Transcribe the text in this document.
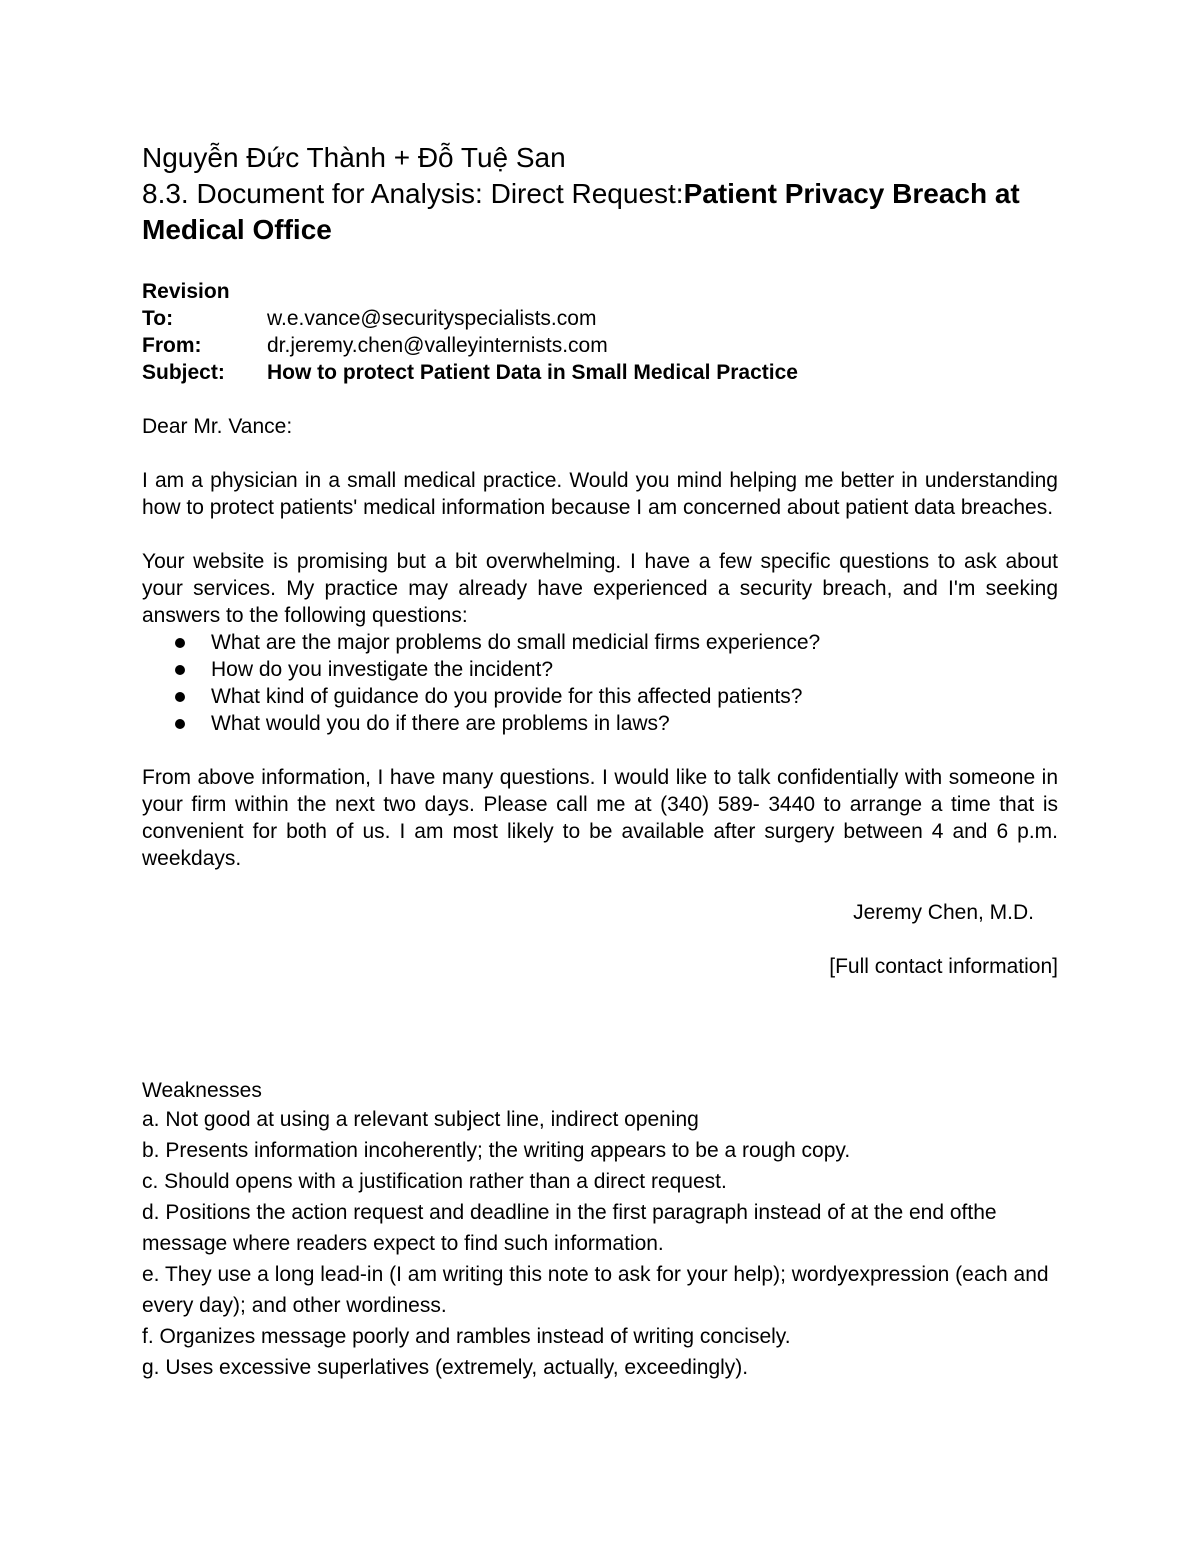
Nguyễn Đức Thành + Đỗ Tuệ San

8.3. Document for Analysis: Direct Request:Patient Privacy Breach at Medical Office

Revision
To:	w.e.vance@securityspecialists.com
From:	dr.jeremy.chen@valleyinternists.com
Subject:	How to protect Patient Data in Small Medical Practice
Dear Mr. Vance:
I am a physician in a small medical practice. Would you mind helping me better in understanding how to protect patients' medical information because I am concerned about patient data breaches.
Your website is promising but a bit overwhelming. I have a few specific questions to ask about your services. My practice may already have experienced a security breach, and I'm seeking answers to the following questions:
What are the major problems do small medicial firms experience?
How do you investigate the incident?
What kind of guidance do you provide for this affected patients?
What would you do if there are problems in laws?
From above information, I have many questions. I would like to talk confidentially with someone in your firm within the next two days. Please call me at (340) 589- 3440 to arrange a time that is convenient for both of us. I am most likely to be available after surgery between 4 and 6 p.m. weekdays.
Jeremy Chen, M.D.
[Full contact information]
Weaknesses
a. Not good at using a relevant subject line, indirect opening
b. Presents information incoherently; the writing appears to be a rough copy.
c. Should opens with a justification rather than a direct request.
d. Positions the action request and deadline in the first paragraph instead of at the end ofthe message where readers expect to find such information.
e. They use a long lead-in (I am writing this note to ask for your help); wordyexpression (each and every day); and other wordiness.
f. Organizes message poorly and rambles instead of writing concisely.
g. Uses excessive superlatives (extremely, actually, exceedingly).
